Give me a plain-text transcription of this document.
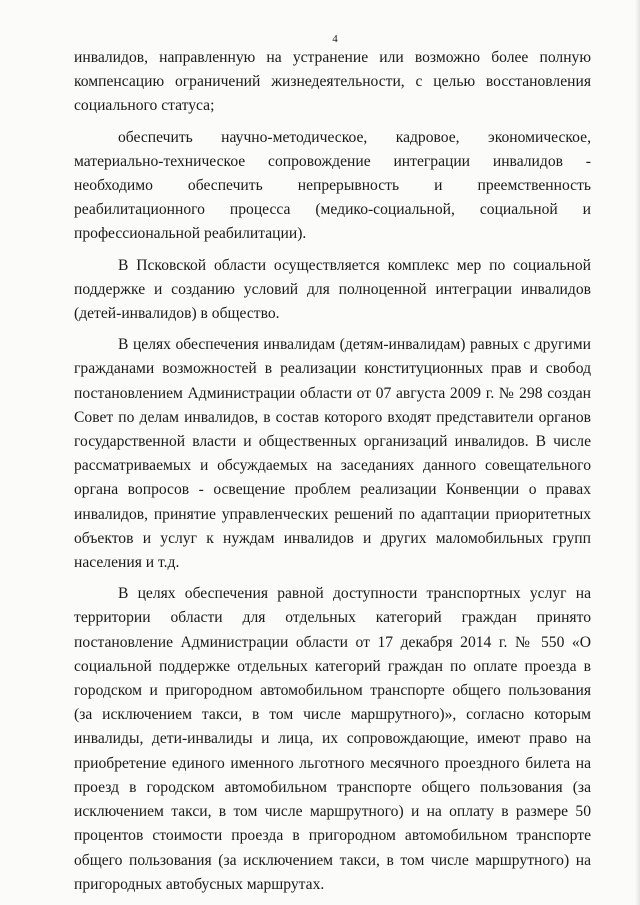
4

инвалидов, направленную на устранение или возможно более полную компенсацию ограничений жизнедеятельности, с целью восстановления социального статуса;

обеспечить научно-методическое, кадровое, экономическое, материально-техническое сопровождение интеграции инвалидов - необходимо обеспечить непрерывность и преемственность реабилитационного процесса (медико-социальной, социальной и профессиональной реабилитации).

В Псковской области осуществляется комплекс мер по социальной поддержке и созданию условий для полноценной интеграции инвалидов (детей-инвалидов) в общество.

В целях обеспечения инвалидам (детям-инвалидам) равных с другими гражданами возможностей в реализации конституционных прав и свобод постановлением Администрации области от 07 августа 2009 г. № 298 создан Совет по делам инвалидов, в состав которого входят представители органов государственной власти и общественных организаций инвалидов. В числе рассматриваемых и обсуждаемых на заседаниях данного совещательного органа вопросов - освещение проблем реализации Конвенции о правах инвалидов, принятие управленческих решений по адаптации приоритетных объектов и услуг к нуждам инвалидов и других маломобильных групп населения и т.д.

В целях обеспечения равной доступности транспортных услуг на территории области для отдельных категорий граждан принято постановление Администрации области от 17 декабря 2014 г. № 550 «О социальной поддержке отдельных категорий граждан по оплате проезда в городском и пригородном автомобильном транспорте общего пользования (за исключением такси, в том числе маршрутного)», согласно которым инвалиды, дети-инвалиды и лица, их сопровождающие, имеют право на приобретение единого именного льготного месячного проездного билета на проезд в городском автомобильном транспорте общего пользования (за исключением такси, в том числе маршрутного) и на оплату в размере 50 процентов стоимости проезда в пригородном автомобильном транспорте общего пользования (за исключением такси, в том числе маршрутного) на пригородных автобусных маршрутах.
